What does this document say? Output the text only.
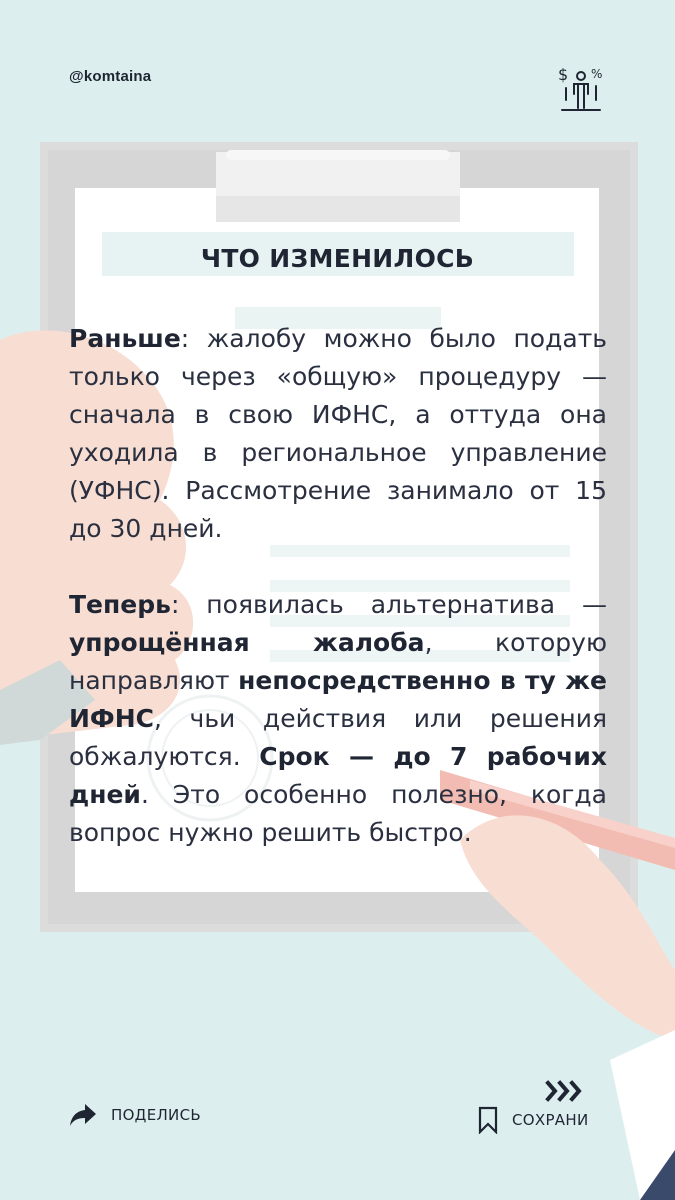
@komtaina	$ %
ЧТО ИЗМЕНИЛОСЬ

Раньше: жалобу можно было подать только через «общую» процедуру — сначала в свою ИФНС, а оттуда она уходила в региональное управление (УФНС). Рассмотрение занимало от 15 до 30 дней.

Теперь: появилась альтернатива — упрощённая жалоба, которую направляют непосредственно в ту же ИФНС, чьи действия или решения обжалуются. Срок — до 7 рабочих дней. Это особенно полезно, когда вопрос нужно решить быстро.

ПОДЕЛИСЬ	СОХРАНИ
